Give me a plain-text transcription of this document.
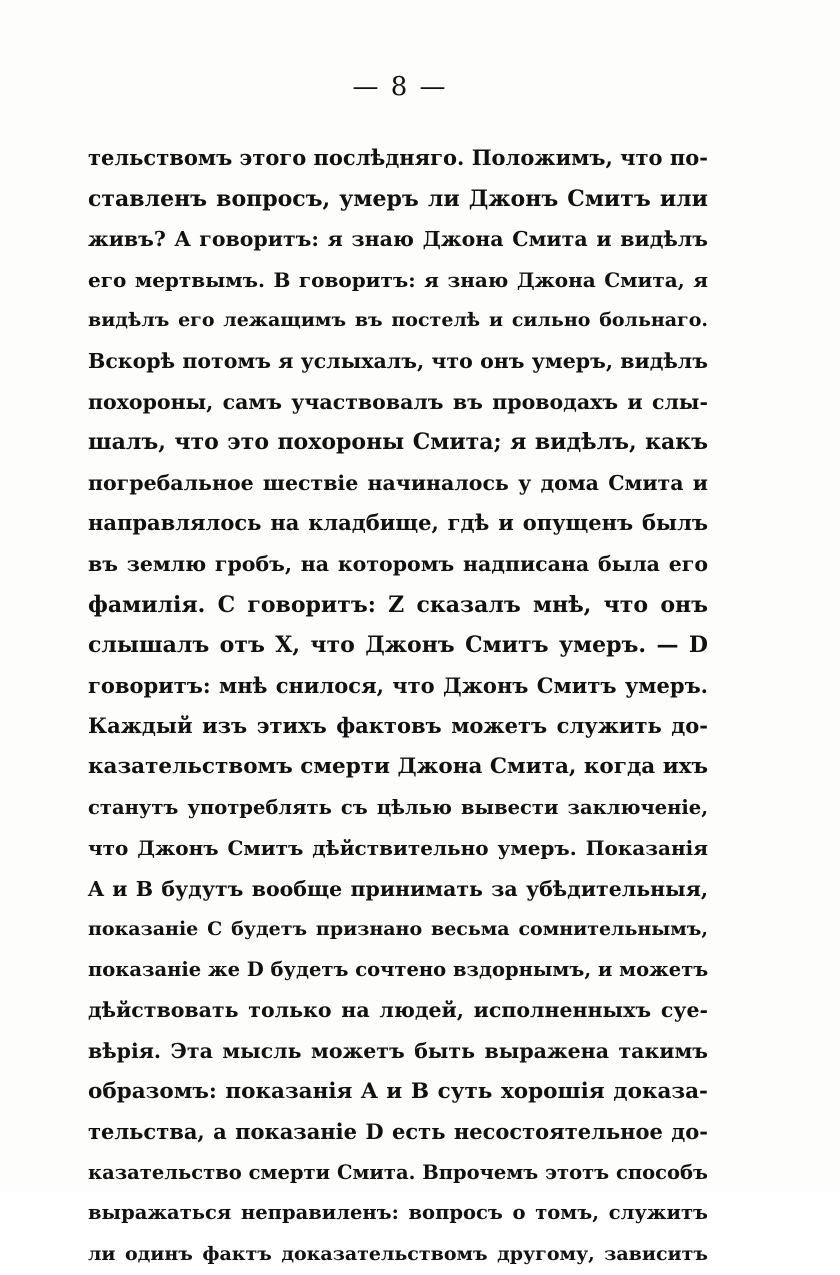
— 8 —
тельствомъ этого послѣдняго. Положимъ, что по-
ставленъ вопросъ, умеръ ли Джонъ Смитъ или
живъ? A говоритъ: я знаю Джона Смита и видѣлъ
его мертвымъ. B говоритъ: я знаю Джона Смита, я
видѣлъ его лежащимъ въ постелѣ и сильно больнаго.
Вскорѣ потомъ я услыхалъ, что онъ умеръ, видѣлъ
похороны, самъ участвовалъ въ проводахъ и слы-
шалъ, что это похороны Смита; я видѣлъ, какъ
погребальное шествіе начиналось у дома Смита и
направлялось на кладбище, гдѣ и опущенъ былъ
въ землю гробъ, на которомъ надписана была его
фамилія. C говоритъ: Z сказалъ мнѣ, что онъ
слышалъ отъ X, что Джонъ Смитъ умеръ. — D
говоритъ: мнѣ снилося, что Джонъ Смитъ умеръ.
Каждый изъ этихъ фактовъ можетъ служить до-
казательствомъ смерти Джона Смита, когда ихъ
станутъ употреблять съ цѣлью вывести заключеніе,
что Джонъ Смитъ дѣйствительно умеръ. Показанія
A и B будутъ вообще принимать за убѣдительныя,
показаніе C будетъ признано весьма сомнительнымъ,
показаніе же D будетъ сочтено вздорнымъ, и можетъ
дѣйствовать только на людей, исполненныхъ суе-
вѣрія. Эта мысль можетъ быть выражена такимъ
образомъ: показанія A и B суть хорошія доказа-
тельства, а показаніе D есть несостоятельное до-
казательство смерти Смита. Впрочемъ этотъ способъ
выражаться неправиленъ: вопросъ о томъ, служитъ
ли одинъ фактъ доказательствомъ другому, зависитъ
